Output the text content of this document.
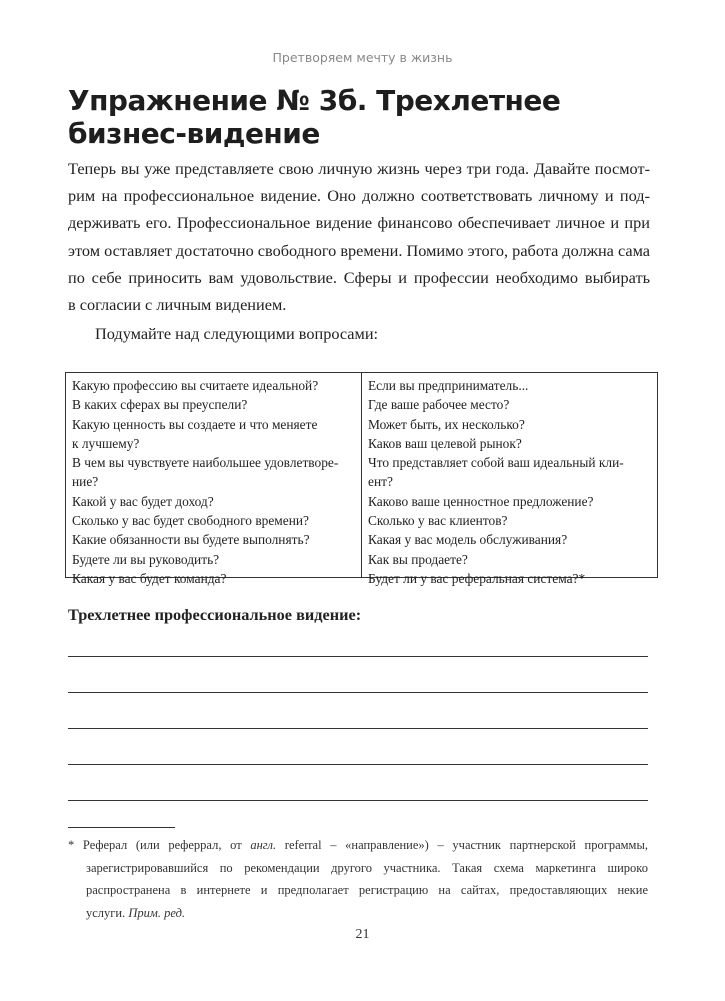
Претворяем мечту в жизнь
Упражнение № 3б. Трехлетнее
бизнес-видение
Теперь вы уже представляете свою личную жизнь через три года. Давайте посмот-
рим на профессиональное видение. Оно должно соответствовать личному и под-
держивать его. Профессиональное видение финансово обеспечивает личное и при
этом оставляет достаточно свободного времени. Помимо этого, работа должна сама
по себе приносить вам удовольствие. Сферы и профессии необходимо выбирать
в согласии с личным видением.
Подумайте над следующими вопросами:
Какую профессию вы считаете идеальной?
В каких сферах вы преуспели?
Какую ценность вы создаете и что меняете
к лучшему?
В чем вы чувствуете наибольшее удовлетворе-
ние?
Какой у вас будет доход?
Сколько у вас будет свободного времени?
Какие обязанности вы будете выполнять?
Будете ли вы руководить?
Какая у вас будет команда?
Если вы предприниматель...
Где ваше рабочее место?
Может быть, их несколько?
Каков ваш целевой рынок?
Что представляет собой ваш идеальный кли-
ент?
Каково ваше ценностное предложение?
Сколько у вас клиентов?
Какая у вас модель обслуживания?
Как вы продаете?
Будет ли у вас реферальная система?*
Трехлетнее профессиональное видение:
* Реферал (или реферрал, от англ. referral – «направление») – участник партнерской программы,
зарегистрировавшийся по рекомендации другого участника. Такая схема маркетинга широко
распространена в интернете и предполагает регистрацию на сайтах, предоставляющих некие
услуги. Прим. ред.
21
